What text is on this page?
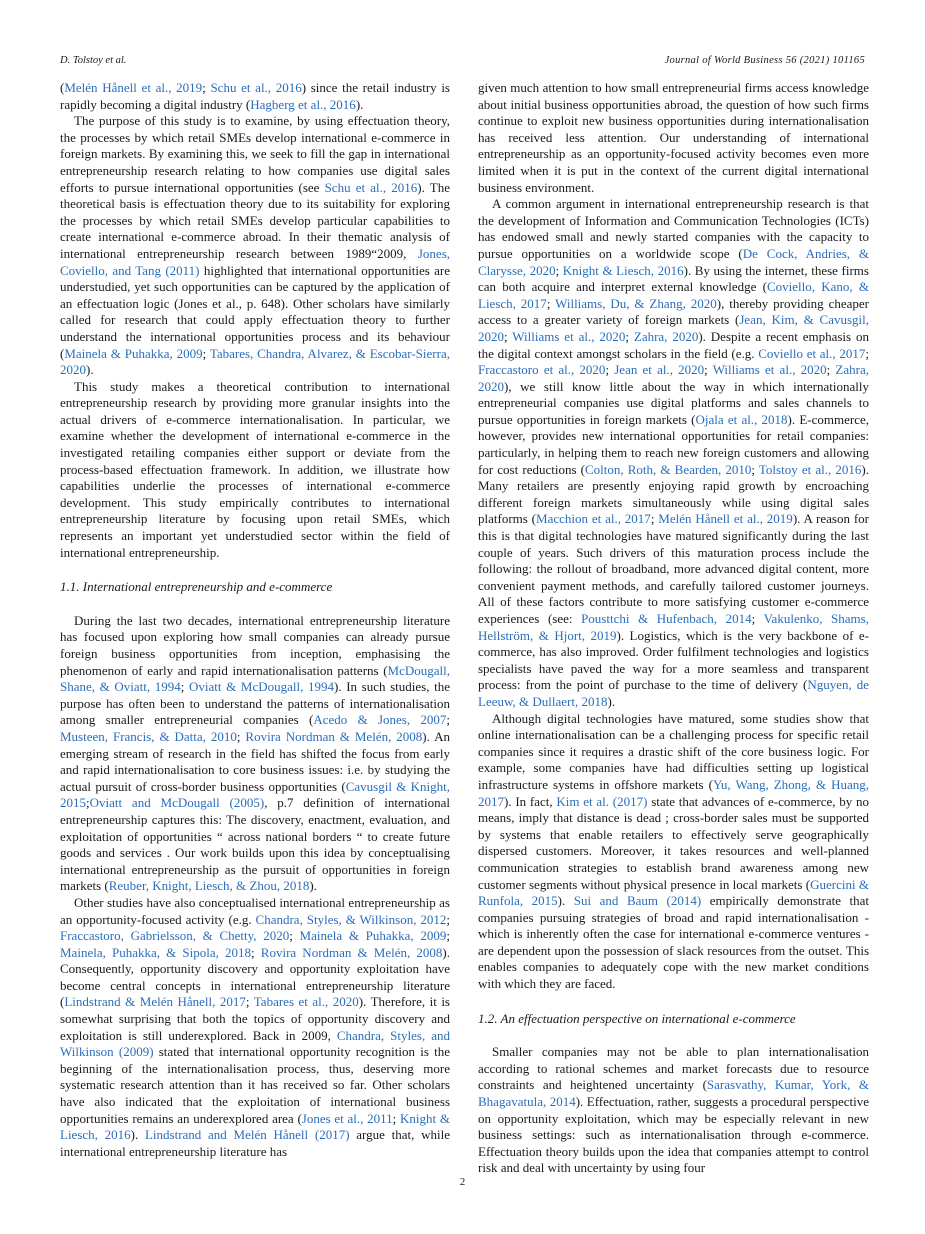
D. Tolstoy et al.	Journal of World Business 56 (2021) 101165

(Melén Hånell et al., 2019; Schu et al., 2016) since the retail industry is rapidly becoming a digital industry (Hagberg et al., 2016).

The purpose of this study is to examine, by using effectuation theory, the processes by which retail SMEs develop international e-commerce in foreign markets. By examining this, we seek to fill the gap in international entrepreneurship research relating to how companies use digital sales efforts to pursue international opportunities (see Schu et al., 2016). The theoretical basis is effectuation theory due to its suitability for exploring the processes by which retail SMEs develop particular capabilities to create international e-commerce abroad. In their thematic analysis of international entrepreneurship research between 1989“2009, Jones, Coviello, and Tang (2011) highlighted that international opportunities are understudied, yet such opportunities can be captured by the application of an effectuation logic (Jones et al., p. 648). Other scholars have similarly called for research that could apply effectuation theory to further understand the international opportunities process and its behaviour (Mainela & Puhakka, 2009; Tabares, Chandra, Alvarez, & Escobar-Sierra, 2020).

This study makes a theoretical contribution to international entrepreneurship research by providing more granular insights into the actual drivers of e-commerce internationalisation. In particular, we examine whether the development of international e-commerce in the investigated retailing companies either support or deviate from the process-based effectuation framework. In addition, we illustrate how capabilities underlie the processes of international e-commerce development. This study empirically contributes to international entrepreneurship literature by focusing upon retail SMEs, which represents an important yet understudied sector within the field of international entrepreneurship.

1.1. International entrepreneurship and e-commerce

During the last two decades, international entrepreneurship literature has focused upon exploring how small companies can already pursue foreign business opportunities from inception, emphasising the phenomenon of early and rapid internationalisation patterns (McDougall, Shane, & Oviatt, 1994; Oviatt & McDougall, 1994). In such studies, the purpose has often been to understand the patterns of internationalisation among smaller entrepreneurial companies (Acedo & Jones, 2007; Musteen, Francis, & Datta, 2010; Rovira Nordman & Melén, 2008). An emerging stream of research in the field has shifted the focus from early and rapid internationalisation to core business issues: i.e. by studying the actual pursuit of cross-border business opportunities (Cavusgil & Knight, 2015;Oviatt and McDougall (2005), p.7 definition of international entrepreneurship captures this: The discovery, enactment, evaluation, and exploitation of opportunities “ across national borders “ to create future goods and services . Our work builds upon this idea by conceptualising international entrepreneurship as the pursuit of opportunities in foreign markets (Reuber, Knight, Liesch, & Zhou, 2018).

Other studies have also conceptualised international entrepreneurship as an opportunity-focused activity (e.g. Chandra, Styles, & Wilkinson, 2012; Fraccastoro, Gabrielsson, & Chetty, 2020; Mainela & Puhakka, 2009; Mainela, Puhakka, & Sipola, 2018; Rovira Nordman & Melén, 2008). Consequently, opportunity discovery and opportunity exploitation have become central concepts in international entrepreneurship literature (Lindstrand & Melén Hånell, 2017; Tabares et al., 2020). Therefore, it is somewhat surprising that both the topics of opportunity discovery and exploitation is still underexplored. Back in 2009, Chandra, Styles, and Wilkinson (2009) stated that international opportunity recognition is the beginning of the internationalisation process, thus, deserving more systematic research attention than it has received so far. Other scholars have also indicated that the exploitation of international business opportunities remains an underexplored area (Jones et al., 2011; Knight & Liesch, 2016). Lindstrand and Melén Hånell (2017) argue that, while international entrepreneurship literature has

given much attention to how small entrepreneurial firms access knowledge about initial business opportunities abroad, the question of how such firms continue to exploit new business opportunities during internationalisation has received less attention. Our understanding of international entrepreneurship as an opportunity-focused activity becomes even more limited when it is put in the context of the current digital international business environment.

A common argument in international entrepreneurship research is that the development of Information and Communication Technologies (ICTs) has endowed small and newly started companies with the capacity to pursue opportunities on a worldwide scope (De Cock, Andries, & Clarysse, 2020; Knight & Liesch, 2016). By using the internet, these firms can both acquire and interpret external knowledge (Coviello, Kano, & Liesch, 2017; Williams, Du, & Zhang, 2020), thereby providing cheaper access to a greater variety of foreign markets (Jean, Kim, & Cavusgil, 2020; Williams et al., 2020; Zahra, 2020). Despite a recent emphasis on the digital context amongst scholars in the field (e.g. Coviello et al., 2017; Fraccastoro et al., 2020; Jean et al., 2020; Williams et al., 2020; Zahra, 2020), we still know little about the way in which internationally entrepreneurial companies use digital platforms and sales channels to pursue opportunities in foreign markets (Ojala et al., 2018). E-commerce, however, provides new international opportunities for retail companies: particularly, in helping them to reach new foreign customers and allowing for cost reductions (Colton, Roth, & Bearden, 2010; Tolstoy et al., 2016). Many retailers are presently enjoying rapid growth by encroaching different foreign markets simultaneously while using digital sales platforms (Macchion et al., 2017; Melén Hånell et al., 2019). A reason for this is that digital technologies have matured significantly during the last couple of years. Such drivers of this maturation process include the following: the rollout of broadband, more advanced digital content, more convenient payment methods, and carefully tailored customer journeys. All of these factors contribute to more satisfying customer e-commerce experiences (see: Pousttchi & Hufenbach, 2014; Vakulenko, Shams, Hellström, & Hjort, 2019). Logistics, which is the very backbone of e-commerce, has also improved. Order fulfilment technologies and logistics specialists have paved the way for a more seamless and transparent process: from the point of purchase to the time of delivery (Nguyen, de Leeuw, & Dullaert, 2018).

Although digital technologies have matured, some studies show that online internationalisation can be a challenging process for specific retail companies since it requires a drastic shift of the core business logic. For example, some companies have had difficulties setting up logistical infrastructure systems in offshore markets (Yu, Wang, Zhong, & Huang, 2017). In fact, Kim et al. (2017) state that advances of e-commerce, by no means, imply that distance is dead ; cross-border sales must be supported by systems that enable retailers to effectively serve geographically dispersed customers. Moreover, it takes resources and well-planned communication strategies to establish brand awareness among new customer segments without physical presence in local markets (Guercini & Runfola, 2015). Sui and Baum (2014) empirically demonstrate that companies pursuing strategies of broad and rapid internationalisation - which is inherently often the case for international e-commerce ventures - are dependent upon the possession of slack resources from the outset. This enables companies to adequately cope with the new market conditions with which they are faced.

1.2. An effectuation perspective on international e-commerce

Smaller companies may not be able to plan internationalisation according to rational schemes and market forecasts due to resource constraints and heightened uncertainty (Sarasvathy, Kumar, York, & Bhagavatula, 2014). Effectuation, rather, suggests a procedural perspective on opportunity exploitation, which may be especially relevant in new business settings: such as internationalisation through e-commerce. Effectuation theory builds upon the idea that companies attempt to control risk and deal with uncertainty by using four

2
